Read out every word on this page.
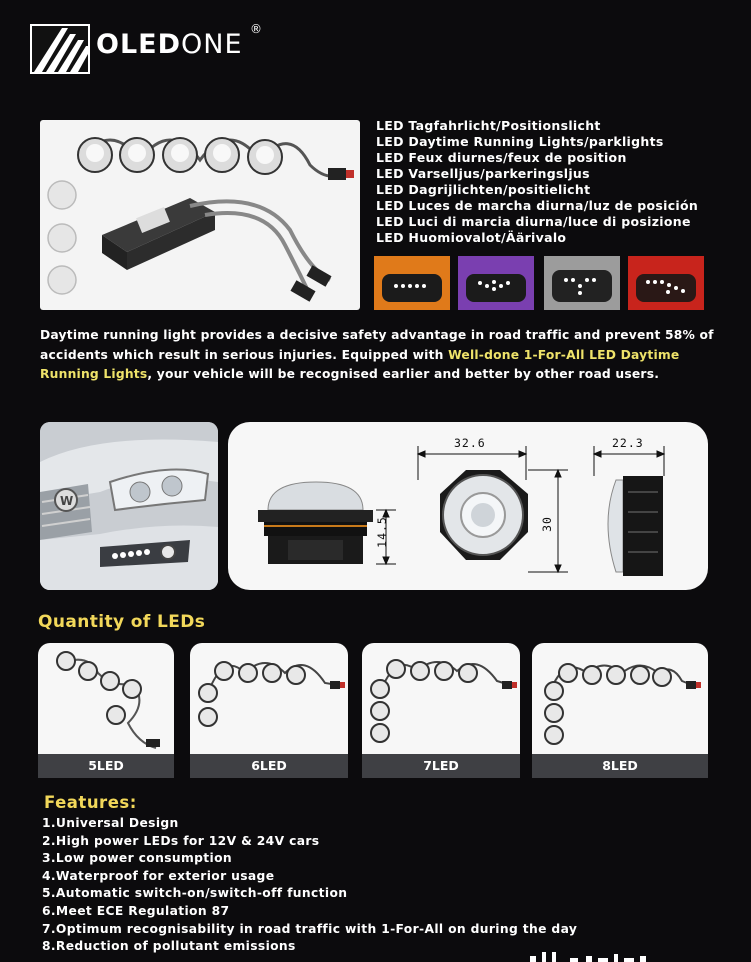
OLEDONE ®
LED Tagfahrlicht/Positionslicht
LED Daytime Running Lights/parklights
LED Feux diurnes/feux de position
LED Varselljus/parkeringsljus
LED Dagrijlichten/positielicht
LED Luces de marcha diurna/luz de posición
LED Luci di marcia diurna/luce di posizione
LED Huomiovalot/Äärivalo
Daytime running light provides a decisive safety advantage in road traffic and prevent 58% of accidents which result in serious injuries. Equipped with Well-done 1-For-All LED Daytime Running Lights, your vehicle will be recognised earlier and better by other road users.
W
14.5
32.6
30
22.3
Quantity of LEDs
5LED	6LED	7LED	8LED
Features:
1.Universal Design
2.High power LEDs for 12V & 24V cars
3.Low power consumption
4.Waterproof for exterior usage
5.Automatic switch-on/switch-off function
6.Meet ECE Regulation 87
7.Optimum recognisability in road traffic with 1-For-All on during the day
8.Reduction of pollutant emissions
